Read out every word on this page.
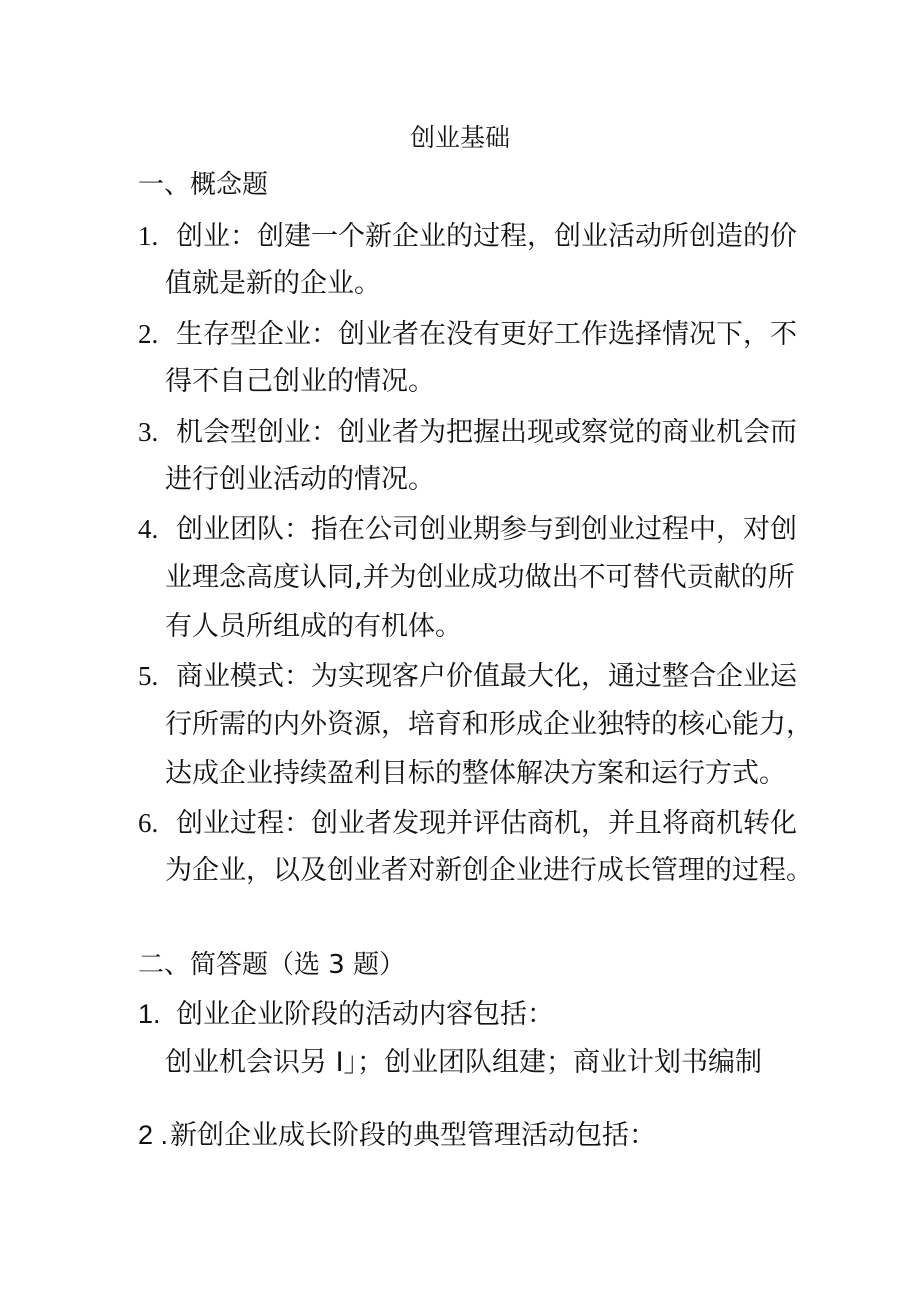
创业基础
一、概念题
1. 创业：创建一个新企业的过程，创业活动所创造的价
值就是新的企业。
2. 生存型企业：创业者在没有更好工作选择情况下，不
得不自己创业的情况。
3. 机会型创业：创业者为把握出现或察觉的商业机会而
进行创业活动的情况。
4. 创业团队：指在公司创业期参与到创业过程中，对创
业理念高度认同,并为创业成功做出不可替代贡献的所
有人员所组成的有机体。
5. 商业模式：为实现客户价值最大化，通过整合企业运
行所需的内外资源，培育和形成企业独特的核心能力，
达成企业持续盈利目标的整体解决方案和运行方式。
6. 创业过程：创业者发现并评估商机，并且将商机转化
为企业，以及创业者对新创企业进行成长管理的过程。
二、简答题（选 3 题）
1. 创业企业阶段的活动内容包括：
创业机会识另 I」；创业团队组建；商业计划书编制
2 .新创企业成长阶段的典型管理活动包括：
